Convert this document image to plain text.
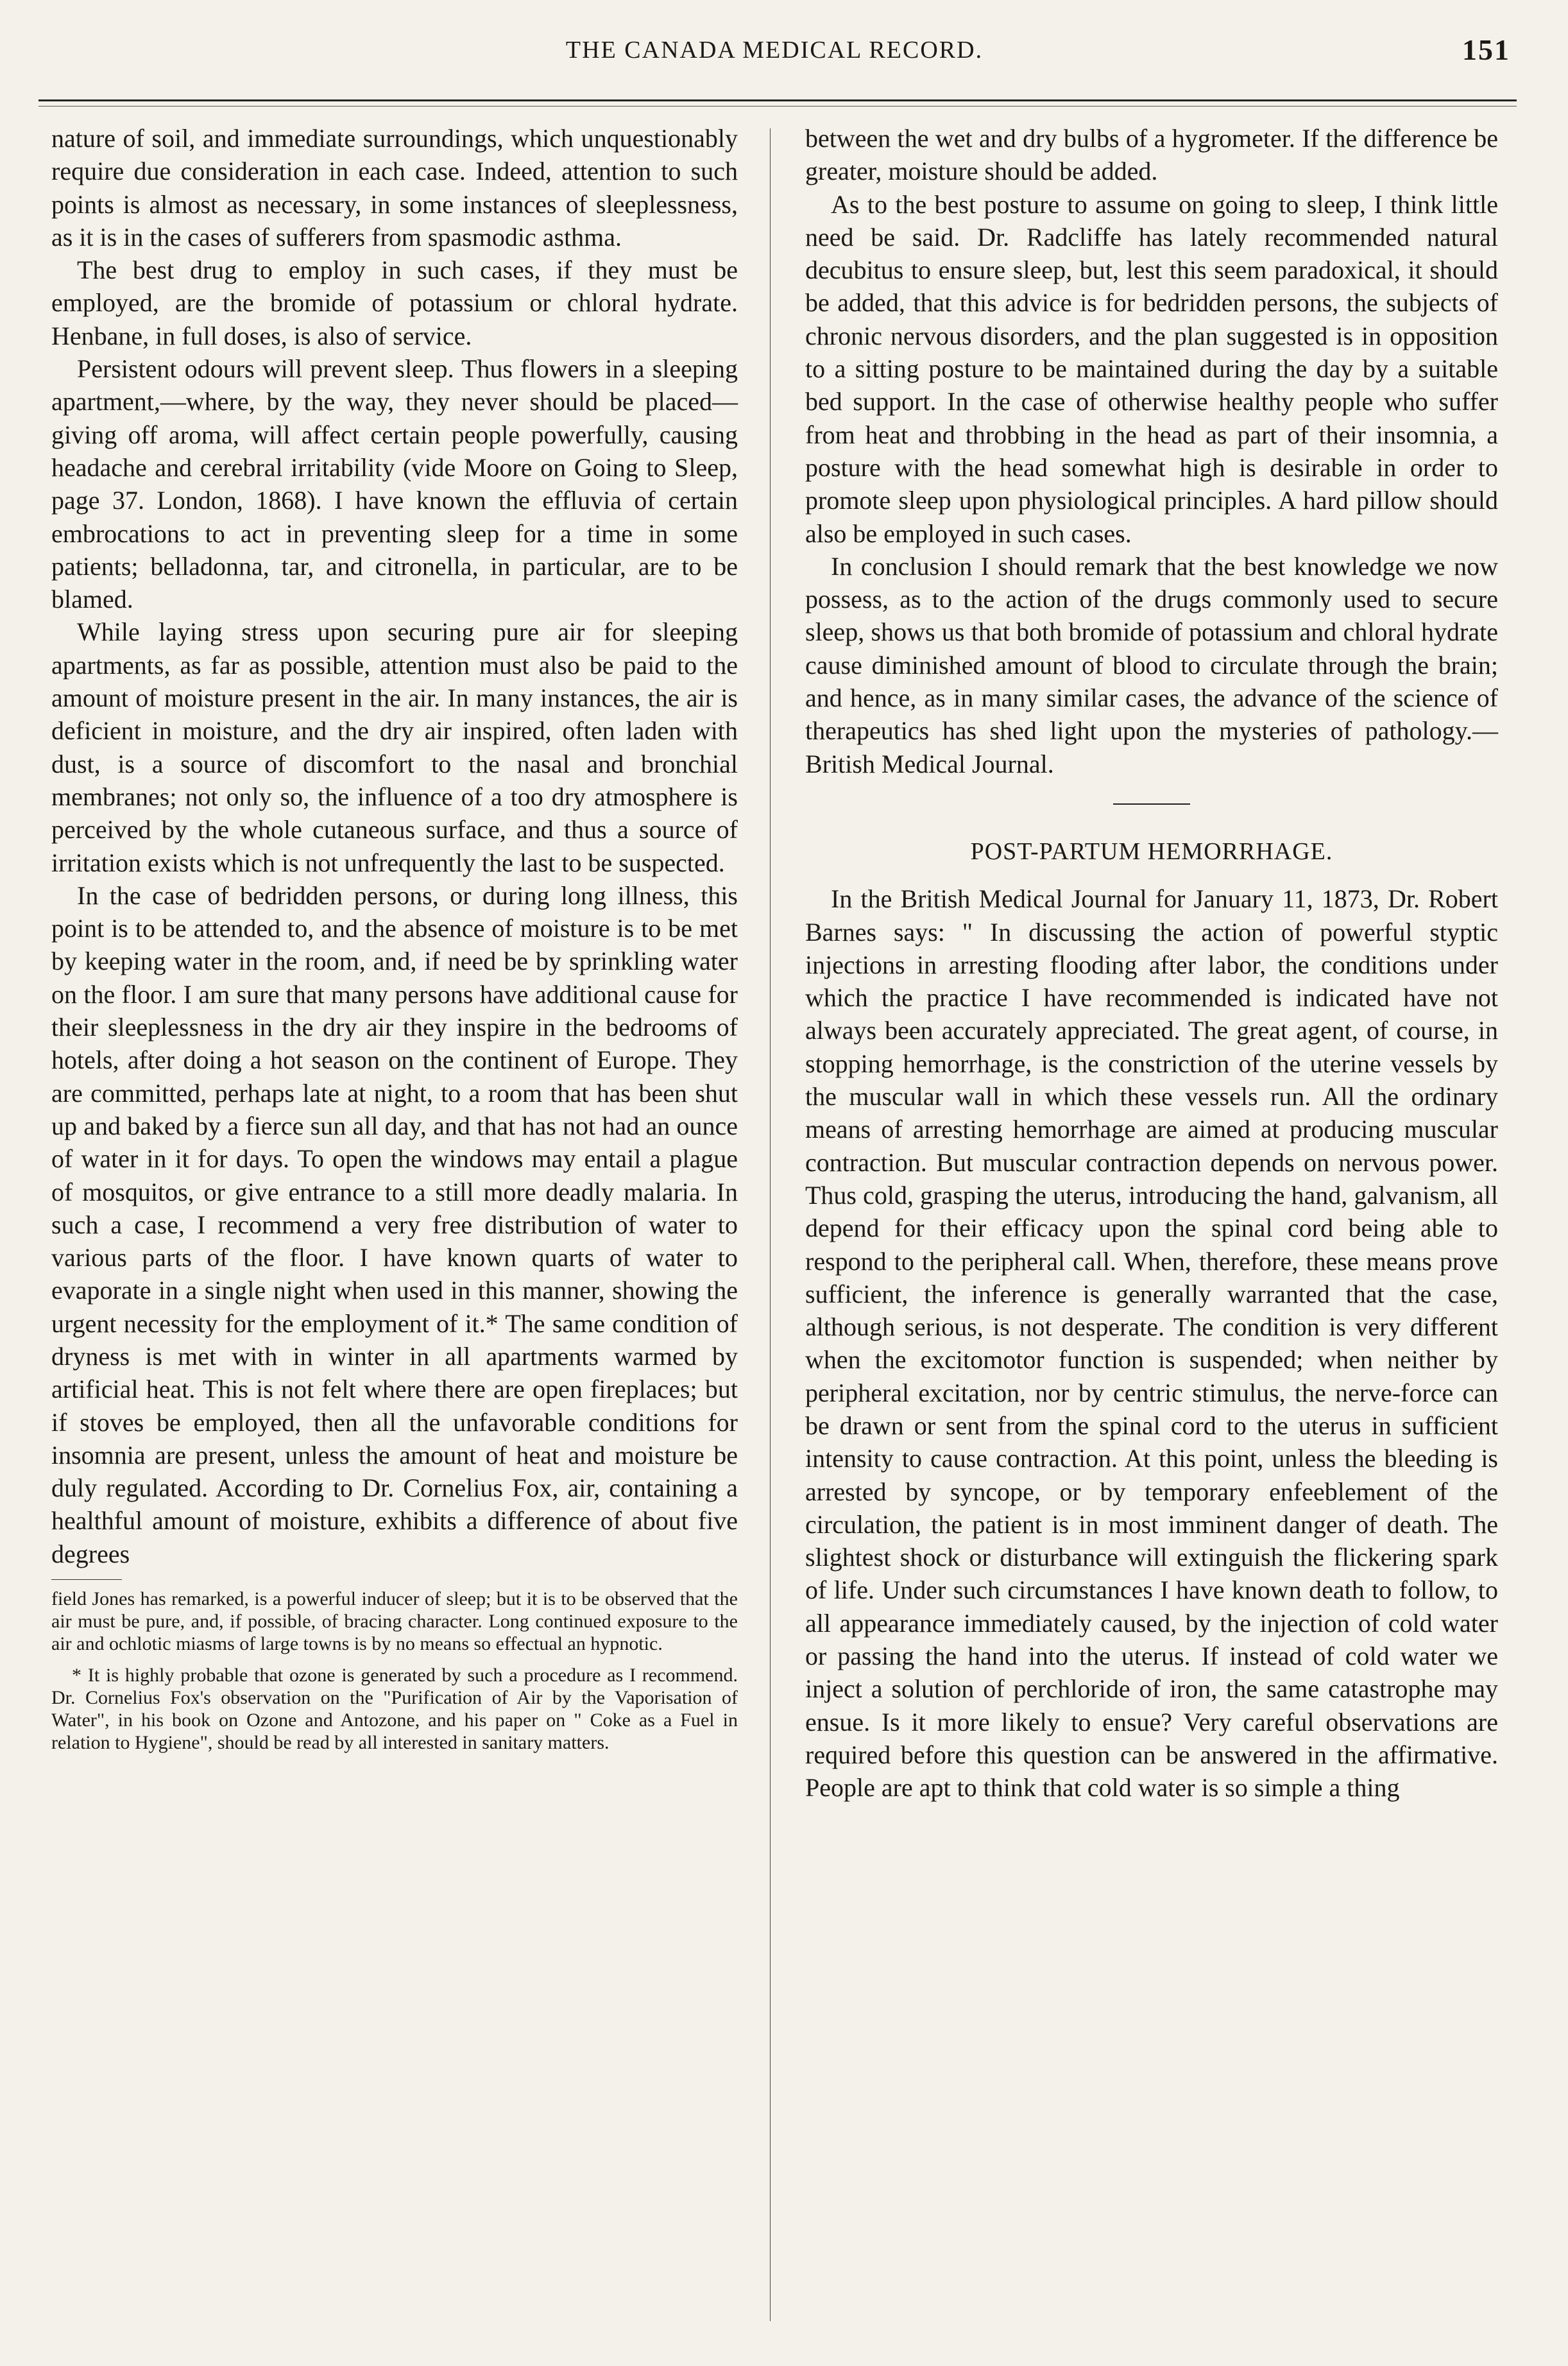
THE CANADA MEDICAL RECORD.	151

nature of soil, and immediate surroundings, which unquestionably require due consideration in each case. Indeed, attention to such points is almost as necessary, in some instances of sleeplessness, as it is in the cases of sufferers from spasmodic asthma.

The best drug to employ in such cases, if they must be employed, are the bromide of potassium or chloral hydrate. Henbane, in full doses, is also of service.

Persistent odours will prevent sleep. Thus flowers in a sleeping apartment,—where, by the way, they never should be placed—giving off aroma, will affect certain people powerfully, causing headache and cerebral irritability (vide Moore on Going to Sleep, page 37. London, 1868). I have known the effluvia of certain embrocations to act in preventing sleep for a time in some patients; belladonna, tar, and citronella, in particular, are to be blamed.

While laying stress upon securing pure air for sleeping apartments, as far as possible, attention must also be paid to the amount of moisture present in the air. In many instances, the air is deficient in moisture, and the dry air inspired, often laden with dust, is a source of discomfort to the nasal and bronchial membranes; not only so, the influence of a too dry atmosphere is perceived by the whole cutaneous surface, and thus a source of irritation exists which is not unfrequently the last to be suspected.

In the case of bedridden persons, or during long illness, this point is to be attended to, and the absence of moisture is to be met by keeping water in the room, and, if need be by sprinkling water on the floor. I am sure that many persons have additional cause for their sleeplessness in the dry air they inspire in the bedrooms of hotels, after doing a hot season on the continent of Europe. They are committed, perhaps late at night, to a room that has been shut up and baked by a fierce sun all day, and that has not had an ounce of water in it for days. To open the windows may entail a plague of mosquitos, or give entrance to a still more deadly malaria. In such a case, I recommend a very free distribution of water to various parts of the floor. I have known quarts of water to evaporate in a single night when used in this manner, showing the urgent necessity for the employment of it.* The same condition of dryness is met with in winter in all apartments warmed by artificial heat. This is not felt where there are open fireplaces; but if stoves be employed, then all the unfavorable conditions for insomnia are present, unless the amount of heat and moisture be duly regulated. According to Dr. Cornelius Fox, air, containing a healthful amount of moisture, exhibits a difference of about five degrees

field Jones has remarked, is a powerful inducer of sleep; but it is to be observed that the air must be pure, and, if possible, of bracing character. Long continued exposure to the air and ochlotic miasms of large towns is by no means so effectual an hypnotic.

* It is highly probable that ozone is generated by such a procedure as I recommend. Dr. Cornelius Fox's observation on the "Purification of Air by the Vaporisation of Water", in his book on Ozone and Antozone, and his paper on " Coke as a Fuel in relation to Hygiene", should be read by all interested in sanitary matters.

between the wet and dry bulbs of a hygrometer. If the difference be greater, moisture should be added.

As to the best posture to assume on going to sleep, I think little need be said. Dr. Radcliffe has lately recommended natural decubitus to ensure sleep, but, lest this seem paradoxical, it should be added, that this advice is for bedridden persons, the subjects of chronic nervous disorders, and the plan suggested is in opposition to a sitting posture to be maintained during the day by a suitable bed support. In the case of otherwise healthy people who suffer from heat and throbbing in the head as part of their insomnia, a posture with the head somewhat high is desirable in order to promote sleep upon physiological principles. A hard pillow should also be employed in such cases.

In conclusion I should remark that the best knowledge we now possess, as to the action of the drugs commonly used to secure sleep, shows us that both bromide of potassium and chloral hydrate cause diminished amount of blood to circulate through the brain; and hence, as in many similar cases, the advance of the science of therapeutics has shed light upon the mysteries of pathology.—British Medical Journal.

POST-PARTUM HEMORRHAGE.

In the British Medical Journal for January 11, 1873, Dr. Robert Barnes says: " In discussing the action of powerful styptic injections in arresting flooding after labor, the conditions under which the practice I have recommended is indicated have not always been accurately appreciated. The great agent, of course, in stopping hemorrhage, is the constriction of the uterine vessels by the muscular wall in which these vessels run. All the ordinary means of arresting hemorrhage are aimed at producing muscular contraction. But muscular contraction depends on nervous power. Thus cold, grasping the uterus, introducing the hand, galvanism, all depend for their efficacy upon the spinal cord being able to respond to the peripheral call. When, therefore, these means prove sufficient, the inference is generally warranted that the case, although serious, is not desperate. The condition is very different when the excitomotor function is suspended; when neither by peripheral excitation, nor by centric stimulus, the nerve-force can be drawn or sent from the spinal cord to the uterus in sufficient intensity to cause contraction. At this point, unless the bleeding is arrested by syncope, or by temporary enfeeblement of the circulation, the patient is in most imminent danger of death. The slightest shock or disturbance will extinguish the flickering spark of life. Under such circumstances I have known death to follow, to all appearance immediately caused, by the injection of cold water or passing the hand into the uterus. If instead of cold water we inject a solution of perchloride of iron, the same catastrophe may ensue. Is it more likely to ensue? Very careful observations are required before this question can be answered in the affirmative. People are apt to think that cold water is so simple a thing
